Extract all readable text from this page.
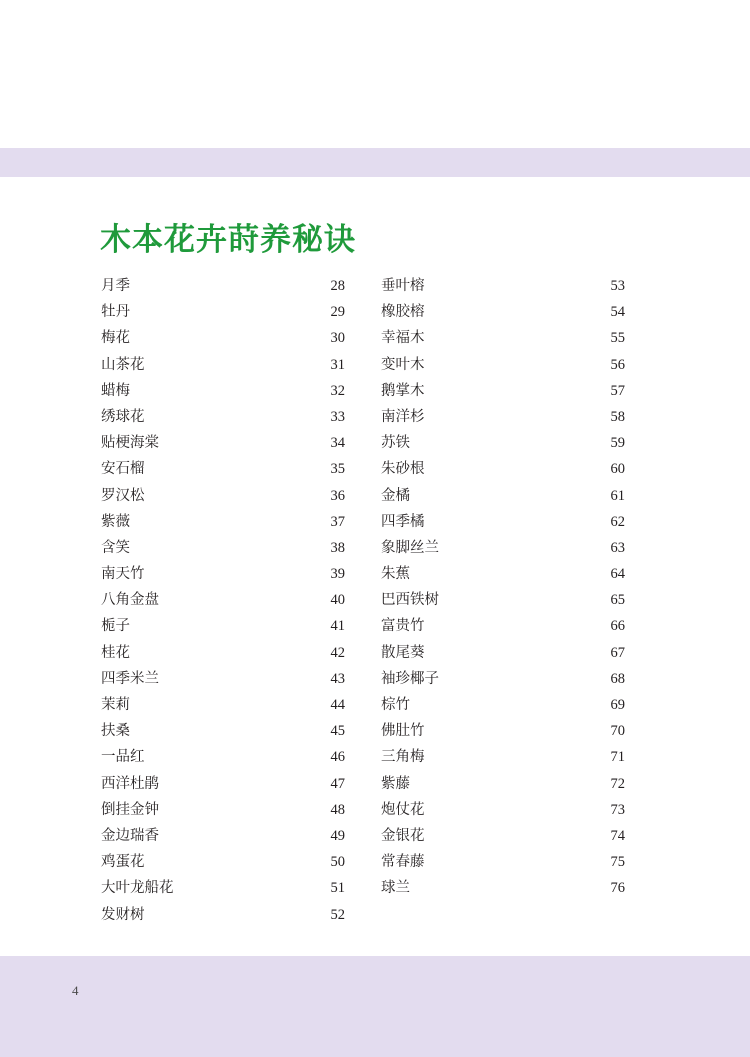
木本花卉莳养秘诀
月季	28
牡丹	29
梅花	30
山茶花	31
蜡梅	32
绣球花	33
贴梗海棠	34
安石榴	35
罗汉松	36
紫薇	37
含笑	38
南天竹	39
八角金盘	40
栀子	41
桂花	42
四季米兰	43
茉莉	44
扶桑	45
一品红	46
西洋杜鹃	47
倒挂金钟	48
金边瑞香	49
鸡蛋花	50
大叶龙船花	51
发财树	52
垂叶榕	53
橡胶榕	54
幸福木	55
变叶木	56
鹅掌木	57
南洋杉	58
苏铁	59
朱砂根	60
金橘	61
四季橘	62
象脚丝兰	63
朱蕉	64
巴西铁树	65
富贵竹	66
散尾葵	67
袖珍椰子	68
棕竹	69
佛肚竹	70
三角梅	71
紫藤	72
炮仗花	73
金银花	74
常春藤	75
球兰	76
4
